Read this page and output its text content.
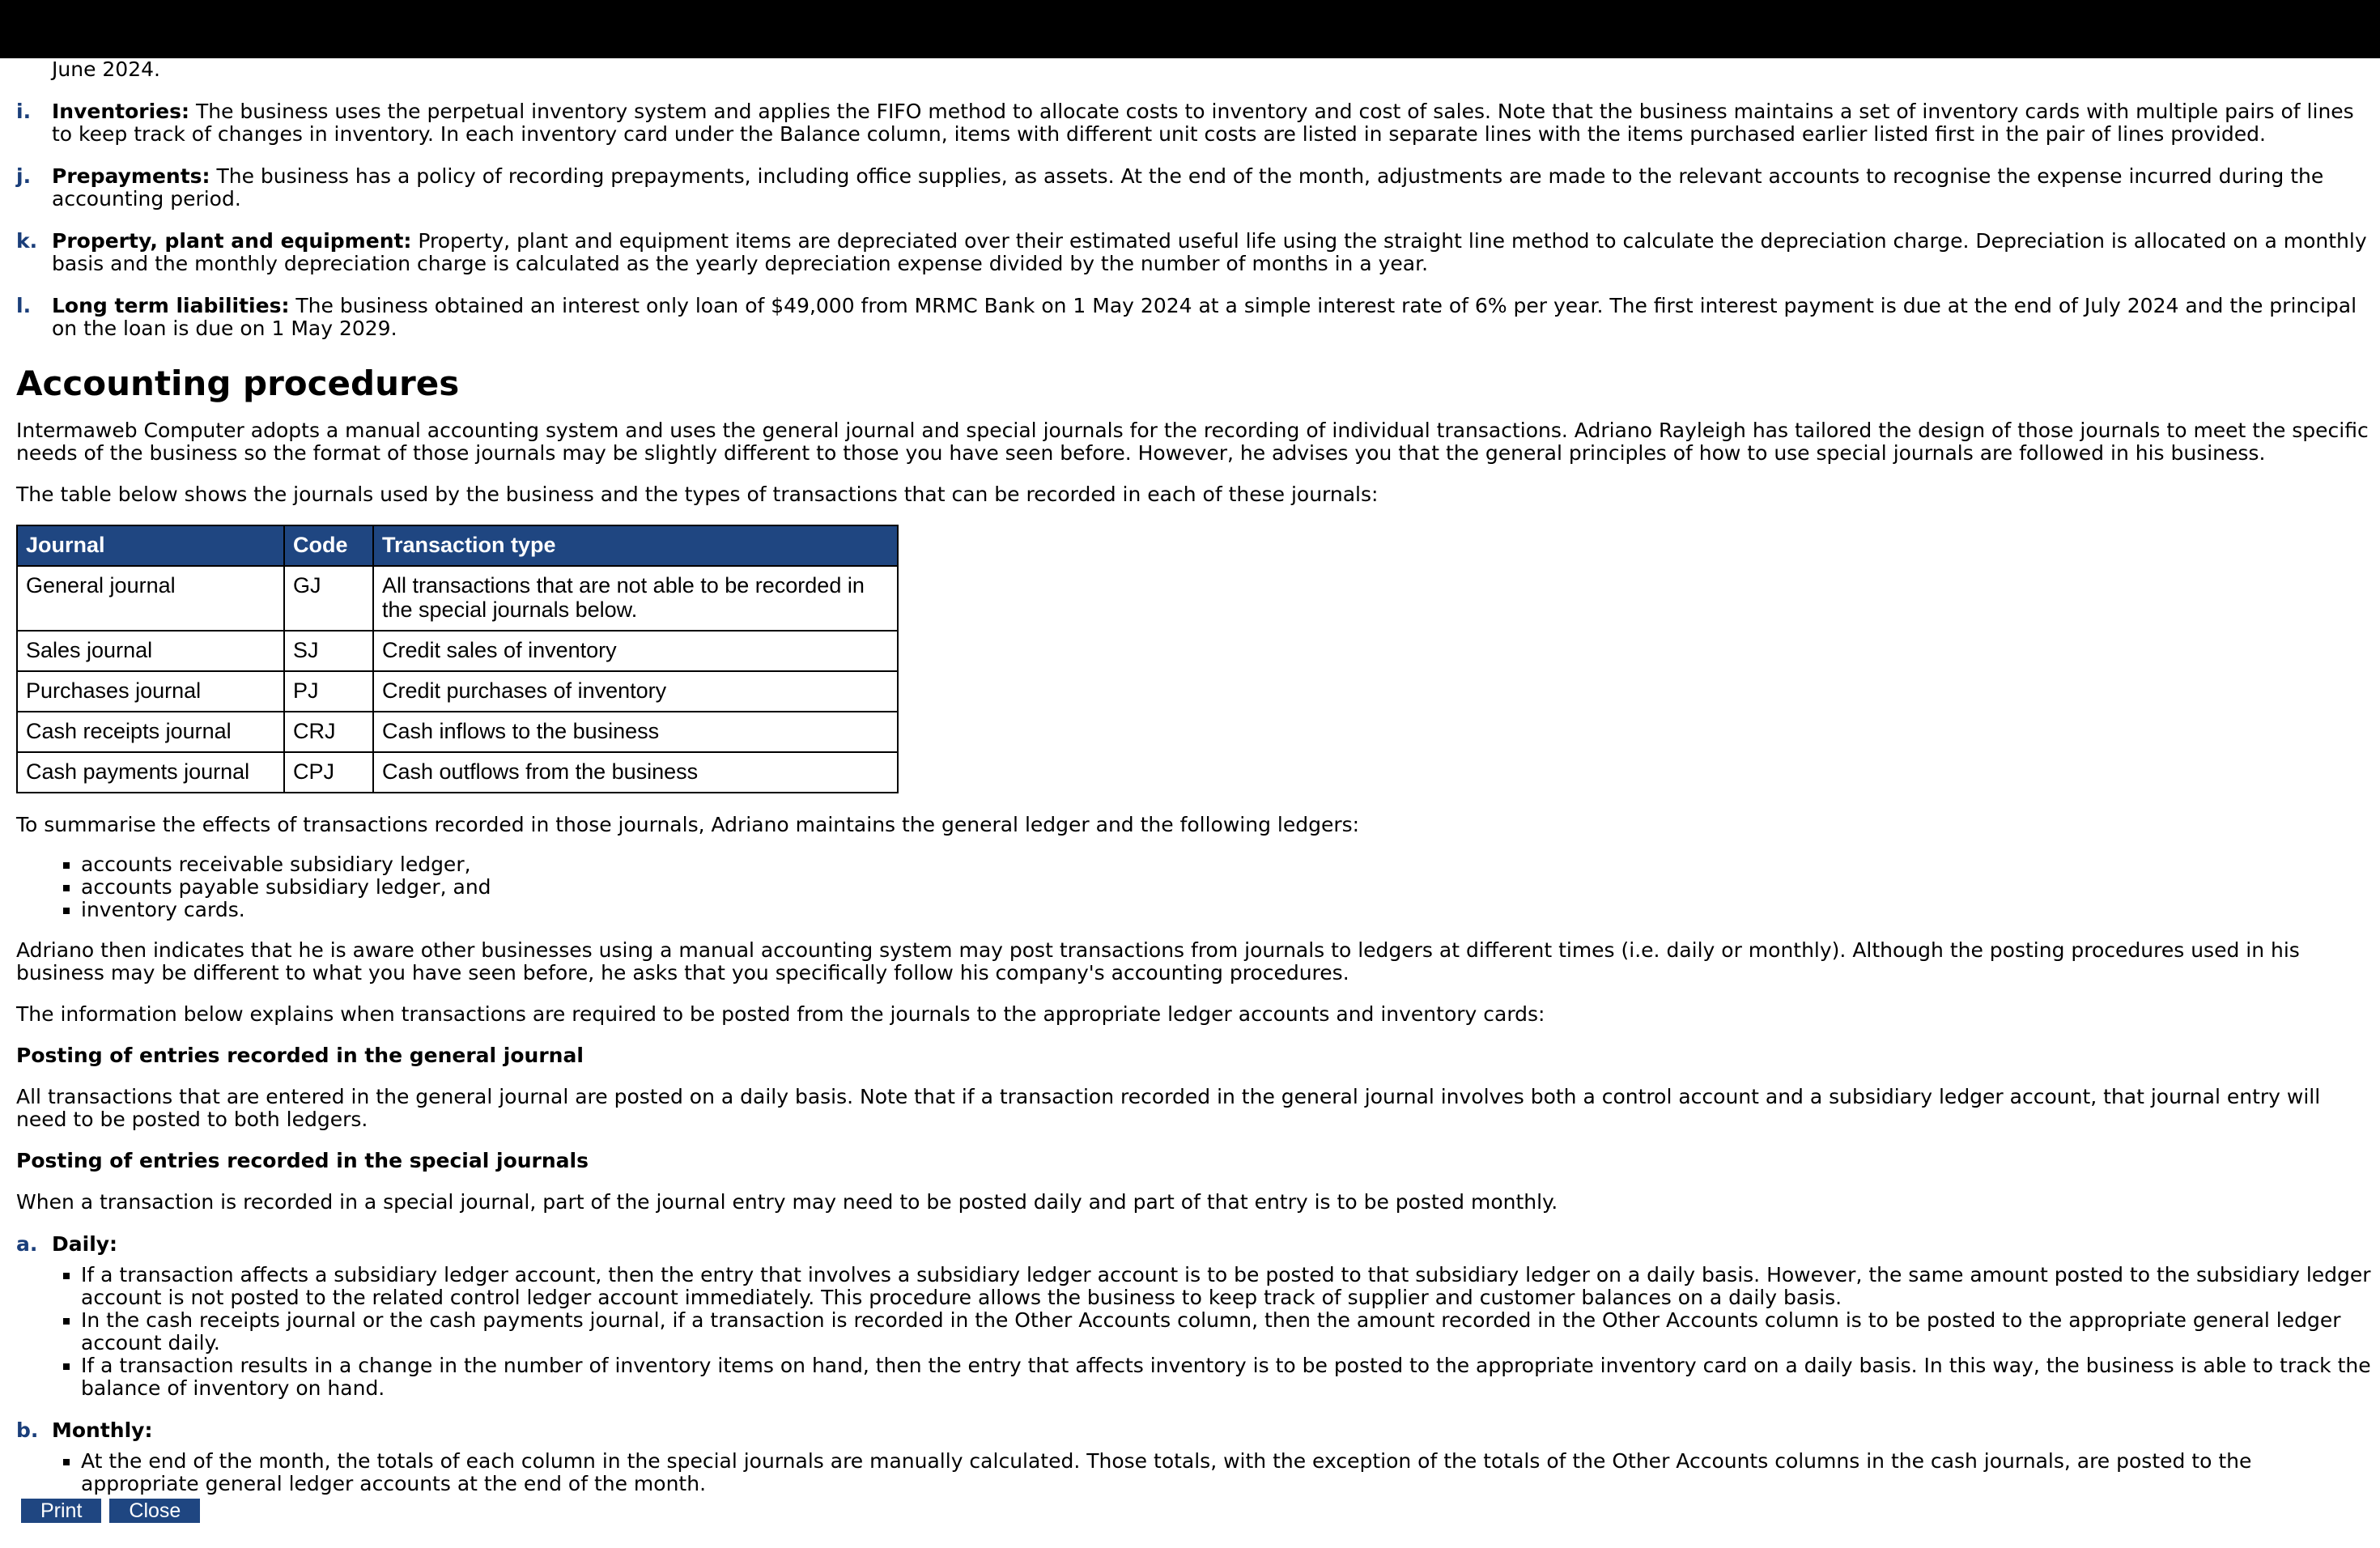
June 2024.
i. Inventories: The business uses the perpetual inventory system and applies the FIFO method to allocate costs to inventory and cost of sales. Note that the business maintains a set of inventory cards with multiple pairs of lines to keep track of changes in inventory. In each inventory card under the Balance column, items with different unit costs are listed in separate lines with the items purchased earlier listed first in the pair of lines provided.
j. Prepayments: The business has a policy of recording prepayments, including office supplies, as assets. At the end of the month, adjustments are made to the relevant accounts to recognise the expense incurred during the accounting period.
k. Property, plant and equipment: Property, plant and equipment items are depreciated over their estimated useful life using the straight line method to calculate the depreciation charge. Depreciation is allocated on a monthly basis and the monthly depreciation charge is calculated as the yearly depreciation expense divided by the number of months in a year.
l. Long term liabilities: The business obtained an interest only loan of $49,000 from MRMC Bank on 1 May 2024 at a simple interest rate of 6% per year. The first interest payment is due at the end of July 2024 and the principal on the loan is due on 1 May 2029.
Accounting procedures

Intermaweb Computer adopts a manual accounting system and uses the general journal and special journals for the recording of individual transactions. Adriano Rayleigh has tailored the design of those journals to meet the specific needs of the business so the format of those journals may be slightly different to those you have seen before. However, he advises you that the general principles of how to use special journals are followed in his business.

The table below shows the journals used by the business and the types of transactions that can be recorded in each of these journals:

Journal	Code	Transaction type
General journal	GJ	All transactions that are not able to be recorded in the special journals below.
Sales journal	SJ	Credit sales of inventory
Purchases journal	PJ	Credit purchases of inventory
Cash receipts journal	CRJ	Cash inflows to the business
Cash payments journal	CPJ	Cash outflows from the business

To summarise the effects of transactions recorded in those journals, Adriano maintains the general ledger and the following ledgers:

▪ accounts receivable subsidiary ledger,
▪ accounts payable subsidiary ledger, and
▪ inventory cards.

Adriano then indicates that he is aware other businesses using a manual accounting system may post transactions from journals to ledgers at different times (i.e. daily or monthly). Although the posting procedures used in his business may be different to what you have seen before, he asks that you specifically follow his company's accounting procedures.

The information below explains when transactions are required to be posted from the journals to the appropriate ledger accounts and inventory cards:

Posting of entries recorded in the general journal

All transactions that are entered in the general journal are posted on a daily basis. Note that if a transaction recorded in the general journal involves both a control account and a subsidiary ledger account, that journal entry will need to be posted to both ledgers.

Posting of entries recorded in the special journals

When a transaction is recorded in a special journal, part of the journal entry may need to be posted daily and part of that entry is to be posted monthly.

a. Daily:
▪ If a transaction affects a subsidiary ledger account, then the entry that involves a subsidiary ledger account is to be posted to that subsidiary ledger on a daily basis. However, the same amount posted to the subsidiary ledger account is not posted to the related control ledger account immediately. This procedure allows the business to keep track of supplier and customer balances on a daily basis.
▪ In the cash receipts journal or the cash payments journal, if a transaction is recorded in the Other Accounts column, then the amount recorded in the Other Accounts column is to be posted to the appropriate general ledger account daily.
▪ If a transaction results in a change in the number of inventory items on hand, then the entry that affects inventory is to be posted to the appropriate inventory card on a daily basis. In this way, the business is able to track the balance of inventory on hand.
b. Monthly:
▪ At the end of the month, the totals of each column in the special journals are manually calculated. Those totals, with the exception of the totals of the Other Accounts columns in the cash journals, are posted to the appropriate general ledger accounts at the end of the month.
Print Close
